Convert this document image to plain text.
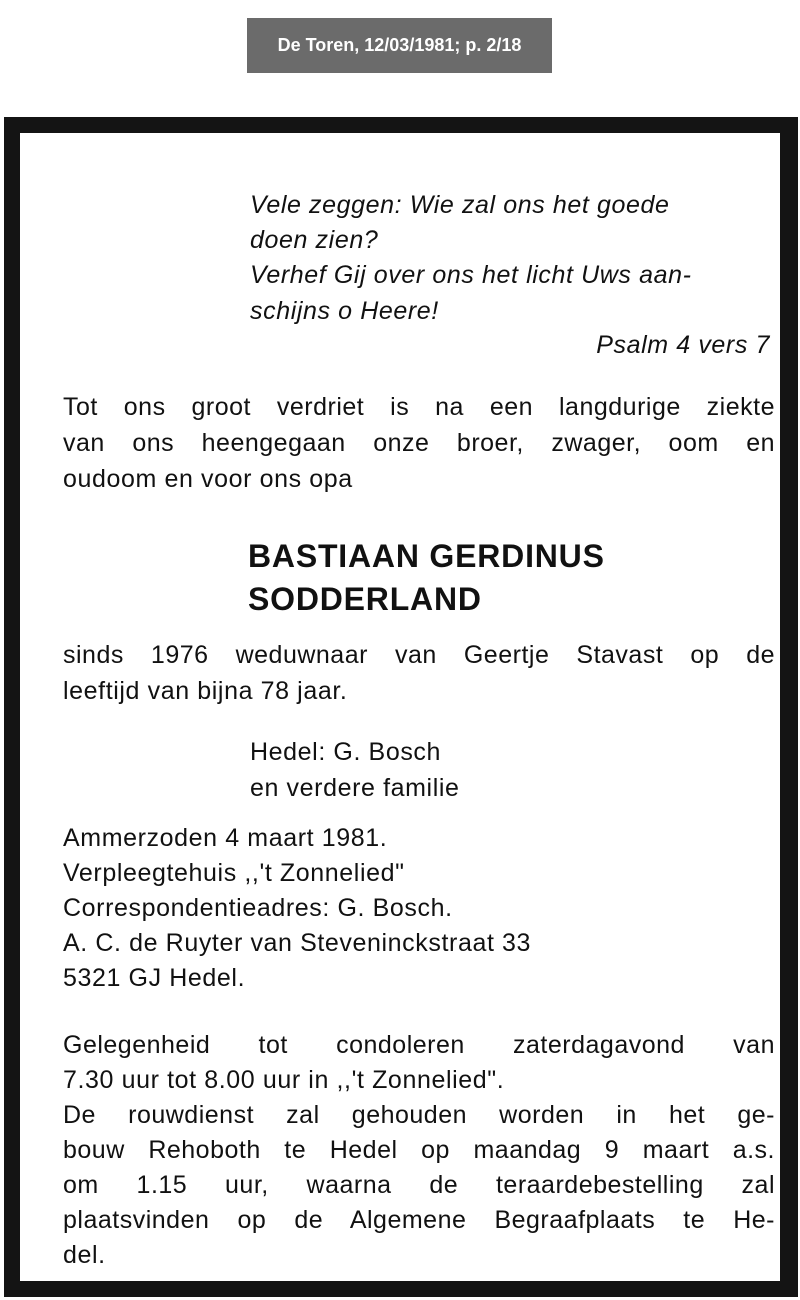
De Toren, 12/03/1981; p. 2/18
Vele zeggen: Wie zal ons het goede
doen zien?
Verhef Gij over ons het licht Uws aan-
schijns o Heere!
Psalm 4 vers 7
Tot ons groot verdriet is na een langdurige ziekte
van ons heengegaan onze broer, zwager, oom en
oudoom en voor ons opa
BASTIAAN GERDINUS
SODDERLAND
sinds 1976 weduwnaar van Geertje Stavast op de
leeftijd van bijna 78 jaar.
Hedel: G. Bosch
en verdere familie
Ammerzoden 4 maart 1981.
Verpleegtehuis ,,'t Zonnelied"
Correspondentieadres: G. Bosch.
A. C. de Ruyter van Steveninckstraat 33
5321 GJ Hedel.
Gelegenheid tot condoleren zaterdagavond van
7.30 uur tot 8.00 uur in ,,'t Zonnelied".
De rouwdienst zal gehouden worden in het ge-
bouw Rehoboth te Hedel op maandag 9 maart a.s.
om 1.15 uur, waarna de teraardebestelling zal
plaatsvinden op de Algemene Begraafplaats te He-
del.
